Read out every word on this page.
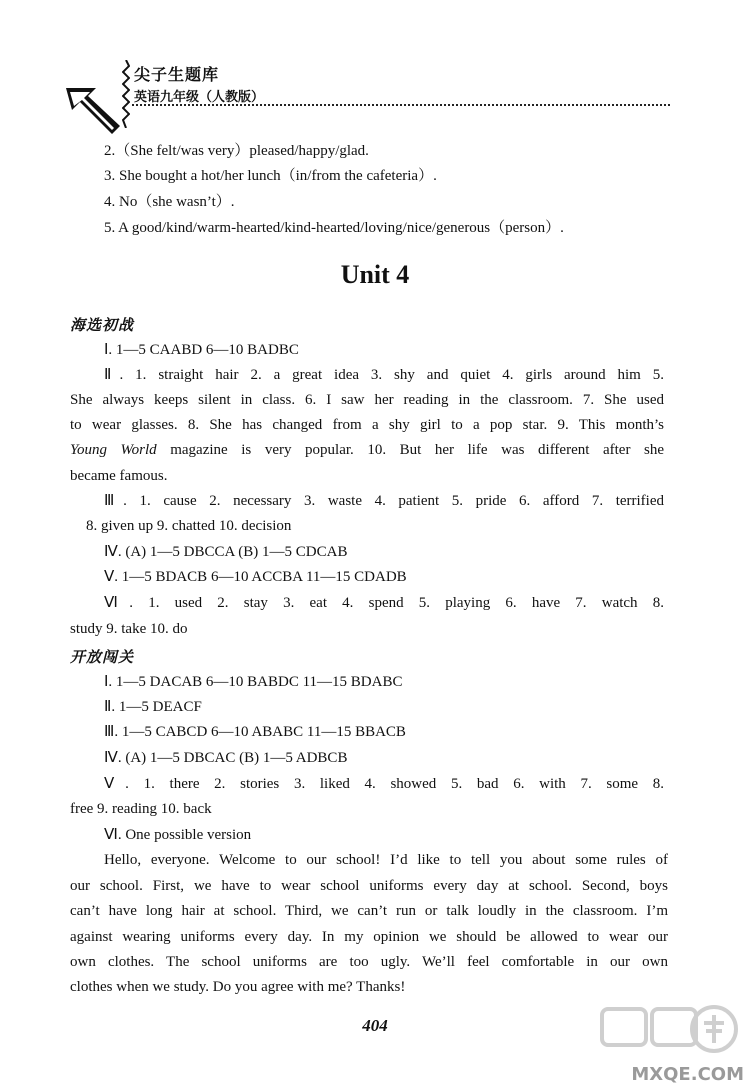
尖子生题库
英语九年级（人教版）
2.（She felt/was very）pleased/happy/glad.
3. She bought a hot/her lunch（in/from the cafeteria）.
4. No（she wasn’t）.
5. A good/kind/warm-hearted/kind-hearted/loving/nice/generous（person）.
Unit 4
海选初战
Ⅰ. 1—5 CAABD 6—10 BADBC
Ⅱ. 1. straight hair 2. a great idea 3. shy and quiet 4. girls around him 5.
She always keeps silent in class. 6. I saw her reading in the classroom. 7. She used
to wear glasses. 8. She has changed from a shy girl to a pop star. 9. This month’s
Young World magazine is very popular. 10. But her life was different after she
became famous.
Ⅲ. 1. cause 2. necessary 3. waste 4. patient 5. pride 6. afford 7. terrified
8. given up 9. chatted 10. decision
Ⅳ. (A) 1—5 DBCCA (B) 1—5 CDCAB
Ⅴ. 1—5 BDACB 6—10 ACCBA 11—15 CDADB
Ⅵ. 1. used 2. stay 3. eat 4. spend 5. playing 6. have 7. watch 8.
study 9. take 10. do
开放闯关
Ⅰ. 1—5 DACAB 6—10 BABDC 11—15 BDABC
Ⅱ. 1—5 DEACF
Ⅲ. 1—5 CABCD 6—10 ABABC 11—15 BBACB
Ⅳ. (A) 1—5 DBCAC (B) 1—5 ADBCB
Ⅴ. 1. there 2. stories 3. liked 4. showed 5. bad 6. with 7. some 8.
free 9. reading 10. back
Ⅵ. One possible version
Hello, everyone. Welcome to our school! I’d like to tell you about some rules of
our school. First, we have to wear school uniforms every day at school. Second, boys
can’t have long hair at school. Third, we can’t run or talk loudly in the classroom. I’m
against wearing uniforms every day. In my opinion we should be allowed to wear our
own clothes. The school uniforms are too ugly. We’ll feel comfortable in our own
clothes when we study. Do you agree with me? Thanks!
404
MXQE.COM
